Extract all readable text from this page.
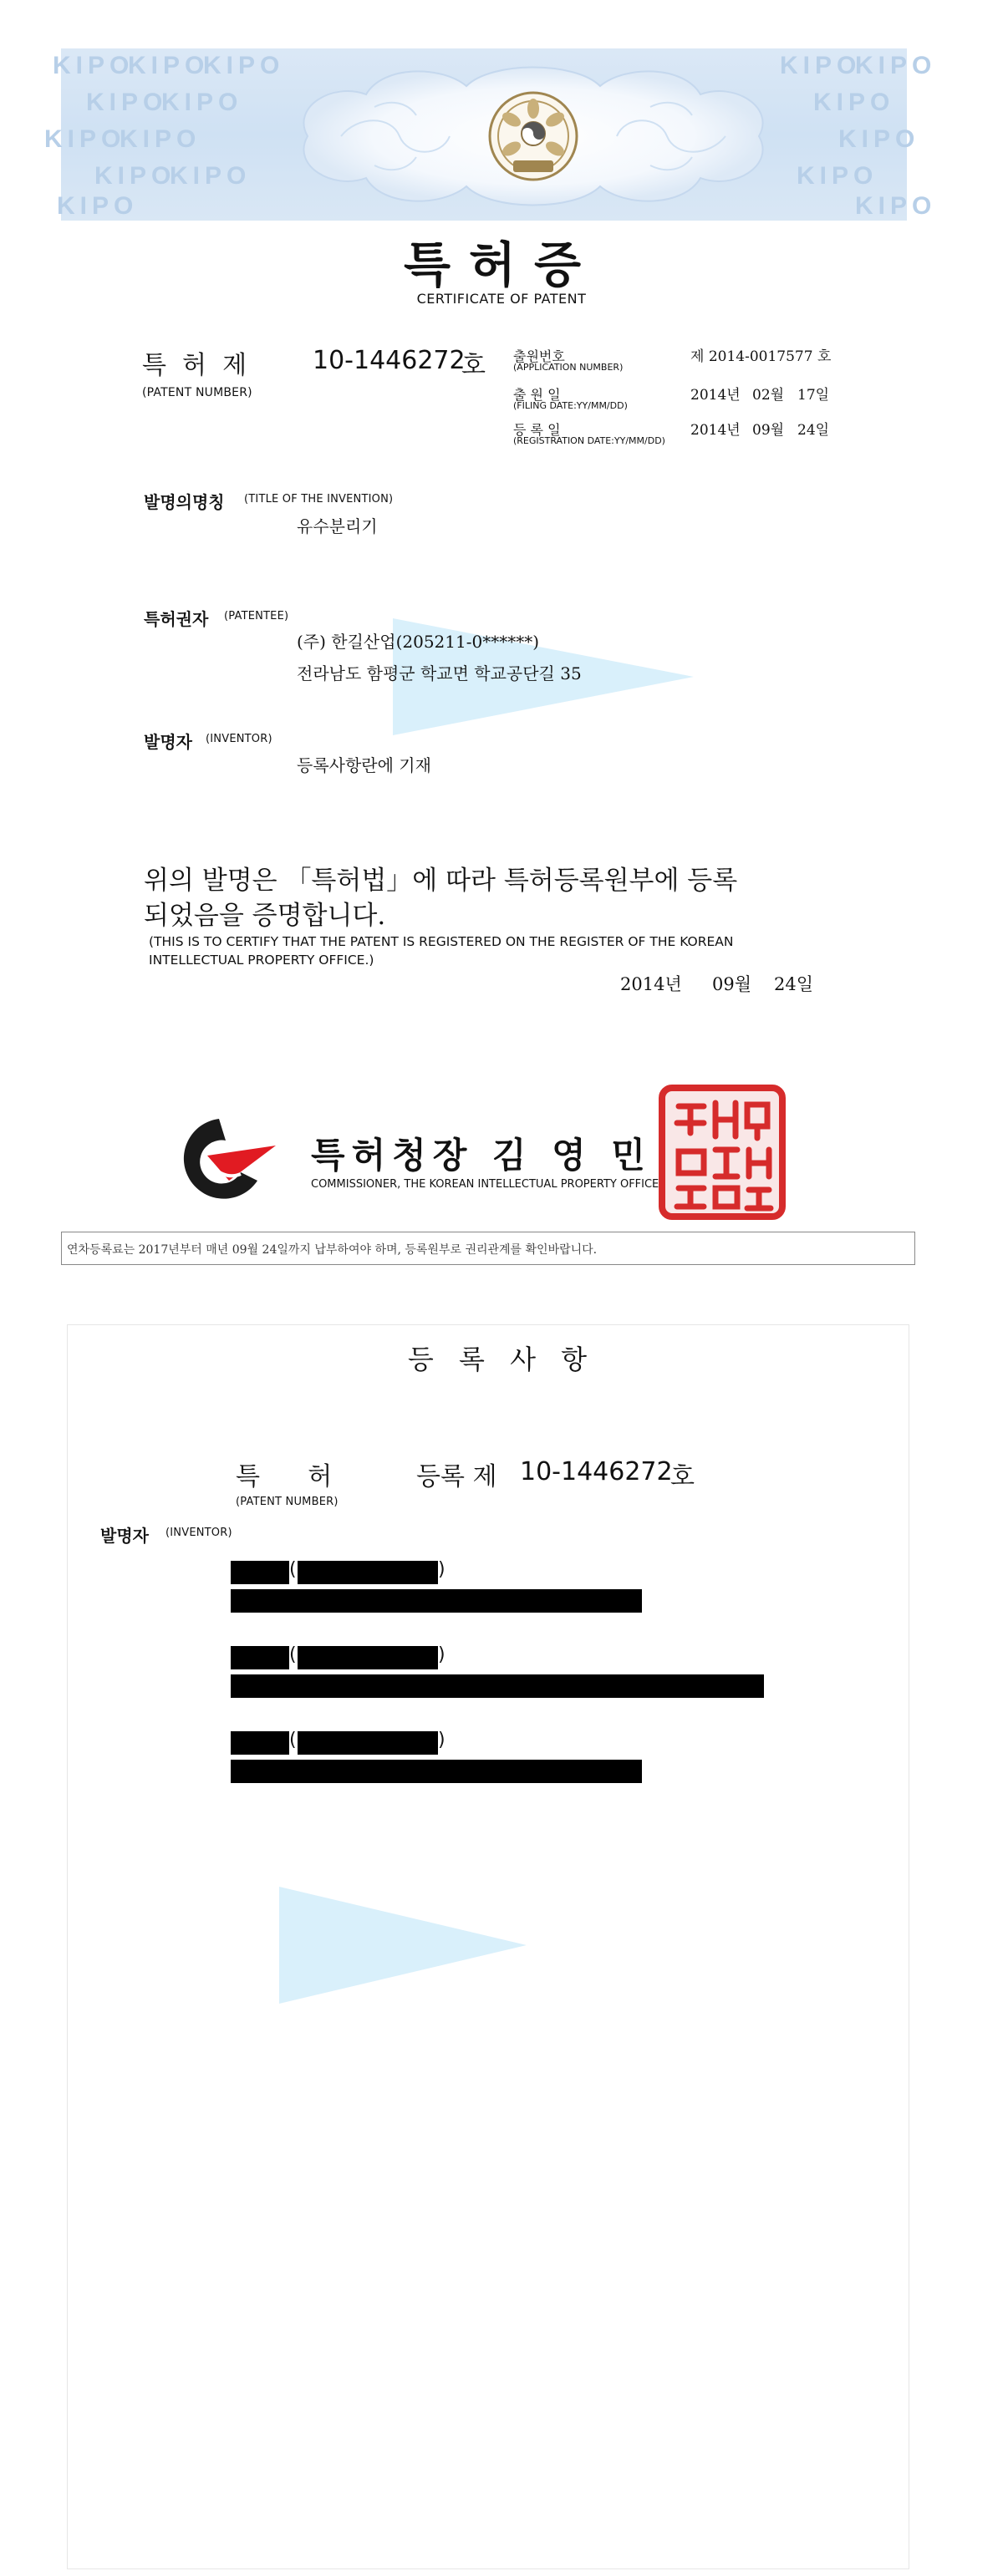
KIPO
KIPO
KIPO	KIPO
KIPO
KIPO
KIPO	KIPO
KIPO
KIPO	KIPO
KIPO
KIPO	KIPO
KIPO	KIPO
특허증
CERTIFICATE OF PATENT
특  허  제	10-1446272
호
(PATENT NUMBER)
출원번호
(APPLICATION NUMBER)
제 2014-0017577 호
출 원 일
(FILING DATE:YY/MM/DD)
2014년 02월 17일
등 록 일
(REGISTRATION DATE:YY/MM/DD)
2014년 09월 24일
발명의명칭 (TITLE OF THE INVENTION)
유수분리기
특허권자 (PATENTEE)
(주) 한길산업(205211-0******)
전라남도 함평군 학교면 학교공단길 35
발명자 (INVENTOR)
등록사항란에 기재
위의 발명은 「특허법」에 따라 특허등록원부에 등록
되었음을 증명합니다.
(THIS IS TO CERTIFY THAT THE PATENT IS REGISTERED ON THE REGISTER OF THE KOREAN
INTELLECTUAL PROPERTY OFFICE.)
2014년 09월 24일
특허청장 김 영 민
COMMISSIONER, THE KOREAN INTELLECTUAL PROPERTY OFFICE
연차등록료는 2017년부터 매년 09월 24일까지 납부하여야 하며, 등록원부로 권리관계를 확인바랍니다.
등 록 사 항
특      허	등록 제 10-1446272
호
(PATENT NUMBER)
발명자 (INVENTOR)
(	)
(	)
(	)
